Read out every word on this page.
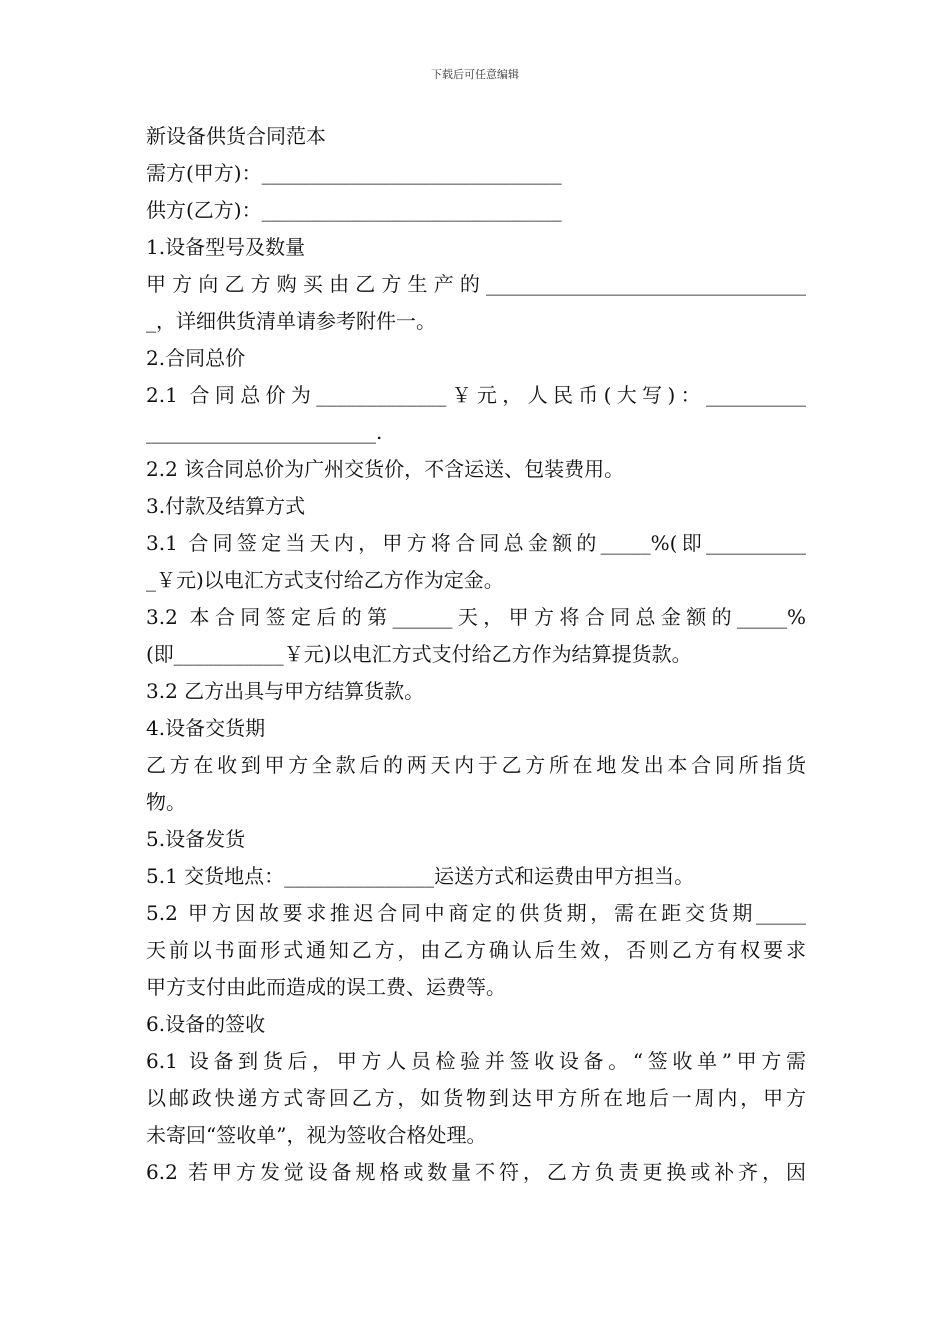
下载后可任意编辑
新设备供货合同范本
需方(甲方)：______________________________
供方(乙方)：______________________________
1.设备型号及数量
甲方向乙方购买由乙方生产的________________________________
_，详细供货清单请参考附件一。
2.合同总价
2.1 合同总价为_____________￥元，人民币(大写)：__________
_______________________.
2.2 该合同总价为广州交货价，不含运送、包装费用。
3.付款及结算方式
3.1 合同签定当天内，甲方将合同总金额的_____%(即__________
_￥元)以电汇方式支付给乙方作为定金。
3.2 本合同签定后的第______天，甲方将合同总金额的_____%
(即___________￥元)以电汇方式支付给乙方作为结算提货款。
3.2 乙方出具与甲方结算货款。
4.设备交货期
乙方在收到甲方全款后的两天内于乙方所在地发出本合同所指货
物。
5.设备发货
5.1 交货地点：_______________运送方式和运费由甲方担当。
5.2 甲方因故要求推迟合同中商定的供货期，需在距交货期_____
天前以书面形式通知乙方，由乙方确认后生效，否则乙方有权要求
甲方支付由此而造成的误工费、运费等。
6.设备的签收
6.1 设备到货后，甲方人员检验并签收设备。“签收单”甲方需
以邮政快递方式寄回乙方，如货物到达甲方所在地后一周内，甲方
未寄回“签收单”，视为签收合格处理。
6.2 若甲方发觉设备规格或数量不符，乙方负责更换或补齐，因
